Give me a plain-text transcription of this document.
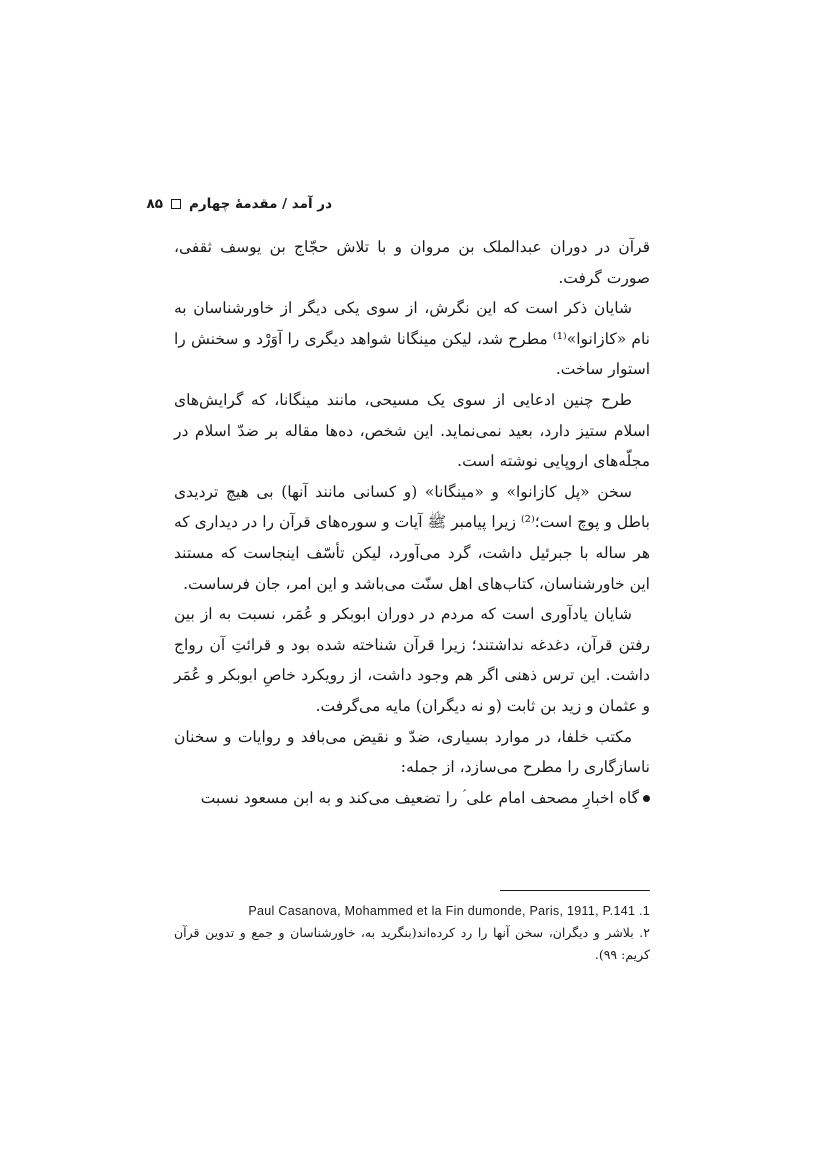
در آمد / مقدمهٔ چهارم
۸۵

قرآن در دوران عبدالملک بن مروان و با تلاش حجّاج بن یوسف ثقفی، صورت گرفت.

شایان ذکر است که این نگرش، از سوی یکی دیگر از خاورشناسان به نام «کازانوا»⁽¹⁾ مطرح شد، لیکن مینگانا شواهد دیگری را آوَرْد و سخنش را استوار ساخت.

طرح چنین ادعایی از سوی یک مسیحی، مانند مینگانا، که گرایش‌های اسلام ستیز دارد، بعید نمی‌نماید. این شخص، ده‌ها مقاله بر ضدّ اسلام در مجلّه‌های اروپایی نوشته است.

سخن «پل کازانوا» و «مینگانا» (و کسانی مانند آنها) بی هیچ تردیدی باطل و پوچ است؛⁽²⁾ زیرا پیامبر ﷺ آیات و سوره‌های قرآن را در دیداری که هر ساله با جبرئیل داشت، گرد می‌آورد، لیکن تأسّف اینجاست که مستند این خاورشناسان، کتاب‌های اهل سنّت می‌باشد و این امر، جان فرساست.

شایان یادآوری است که مردم در دوران ابوبکر و عُمَر، نسبت به از بین رفتن قرآن، دغدغه نداشتند؛ زیرا قرآن شناخته شده بود و قرائتِ آن رواج داشت. این ترس ذهنی اگر هم وجود داشت، از رویکرد خاصِ ابوبکر و عُمَر و عثمان و زید بن ثابت (و نه دیگران) مایه می‌گرفت.

مکتب خلفا، در موارد بسیاری، ضدّ و نقیض می‌بافد و روایات و سخنان ناسازگاری را مطرح می‌سازد، از جمله:

گاه اخبارِ مصحف امام علی ؑ را تضعیف می‌کند و به ابن مسعود نسبت

Paul Casanova, Mohammed et la Fin dumonde, Paris, 1911, P.141 .1
۲. بلاشر و دیگران، سخن آنها را رد کرده‌اند(بنگرید به، خاورشناسان و جمع و تدوین قرآن کریم: ۹۹).
